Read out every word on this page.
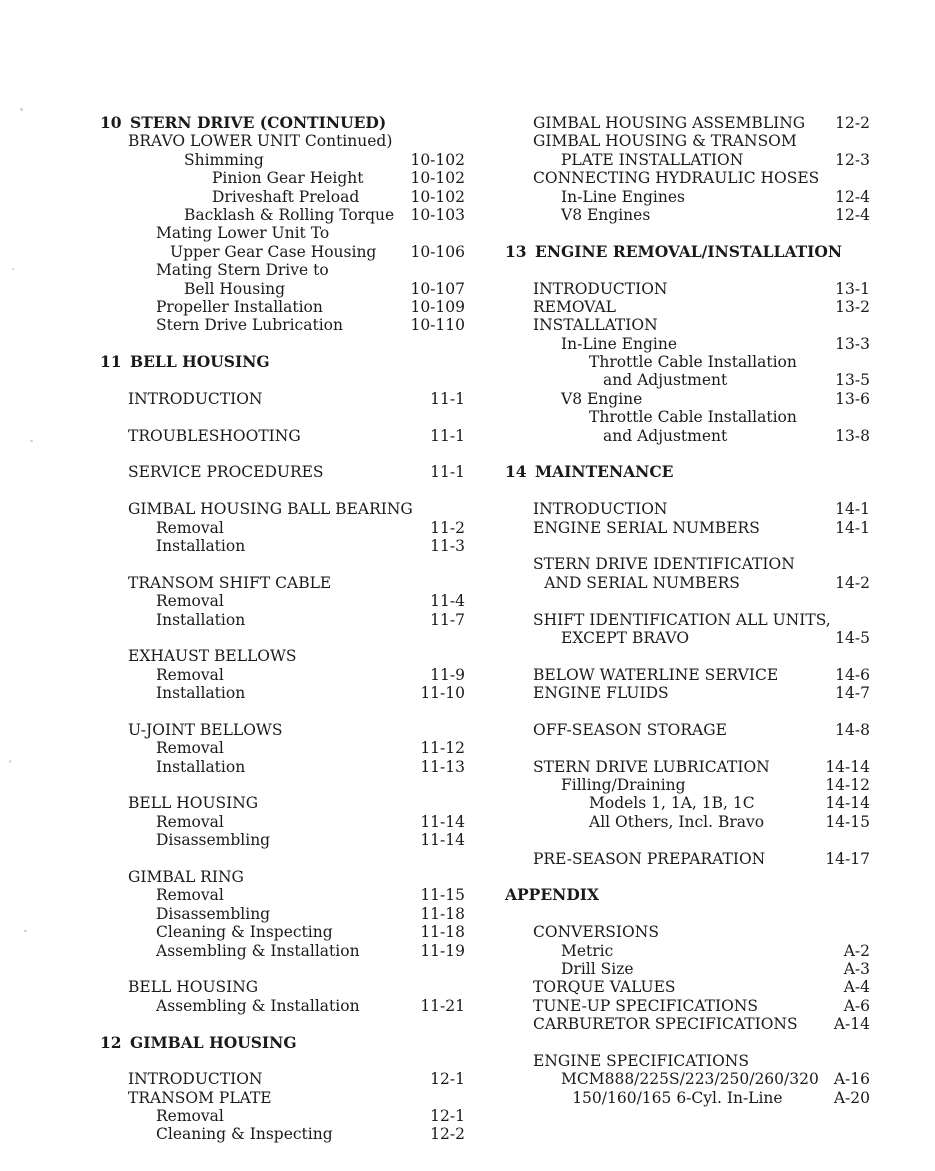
10 STERN DRIVE (CONTINUED)
BRAVO LOWER UNIT Continued)
Shimming	10-102
Pinion Gear Height	10-102
Driveshaft Preload	10-102
Backlash & Rolling Torque 10-103
Mating Lower Unit To
Upper Gear Case Housing 10-106
Mating Stern Drive to
Bell Housing	10-107
Propeller Installation	10-109
Stern Drive Lubrication	10-110
11 BELL HOUSING
INTRODUCTION	11-1
TROUBLESHOOTING	11-1
SERVICE PROCEDURES	11-1
GIMBAL HOUSING BALL BEARING
Removal	11-2
Installation	11-3
TRANSOM SHIFT CABLE
Removal	11-4
Installation	11-7
EXHAUST BELLOWS
Removal	11-9
Installation	11-10
U-JOINT BELLOWS
Removal	11-12
Installation	11-13
BELL HOUSING
Removal	11-14
Disassembling	11-14
GIMBAL RING
Removal	11-15
Disassembling	11-18
Cleaning & Inspecting	11-18
Assembling & Installation	11-19
BELL HOUSING
Assembling & Installation	11-21
12 GIMBAL HOUSING
INTRODUCTION	12-1
TRANSOM PLATE
Removal	12-1
Cleaning & Inspecting	12-2
GIMBAL HOUSING ASSEMBLING 12-2
GIMBAL HOUSING & TRANSOM
PLATE INSTALLATION	12-3
CONNECTING HYDRAULIC HOSES
In-Line Engines	12-4
V8 Engines	12-4
13 ENGINE REMOVAL/INSTALLATION
INTRODUCTION	13-1
REMOVAL	13-2
INSTALLATION
In-Line Engine	13-3
Throttle Cable Installation
and Adjustment	13-5
V8 Engine	13-6
Throttle Cable Installation
and Adjustment	13-8
14 MAINTENANCE
INTRODUCTION	14-1
ENGINE SERIAL NUMBERS	14-1
STERN DRIVE IDENTIFICATION
AND SERIAL NUMBERS	14-2
SHIFT IDENTIFICATION ALL UNITS,
EXCEPT BRAVO	14-5
BELOW WATERLINE SERVICE	14-6
ENGINE FLUIDS	14-7
OFF-SEASON STORAGE	14-8
STERN DRIVE LUBRICATION	14-14
Filling/Draining	14-12
Models 1, 1A, 1B, 1C	14-14
All Others, Incl. Bravo	14-15
PRE-SEASON PREPARATION	14-17
APPENDIX
CONVERSIONS
Metric	A-2
Drill Size	A-3
TORQUE VALUES	A-4
TUNE-UP SPECIFICATIONS	A-6
CARBURETOR SPECIFICATIONS A-14
ENGINE SPECIFICATIONS
MCM888/225S/223/250/260/320 A-16
150/160/165 6-Cyl. In-Line	A-20
